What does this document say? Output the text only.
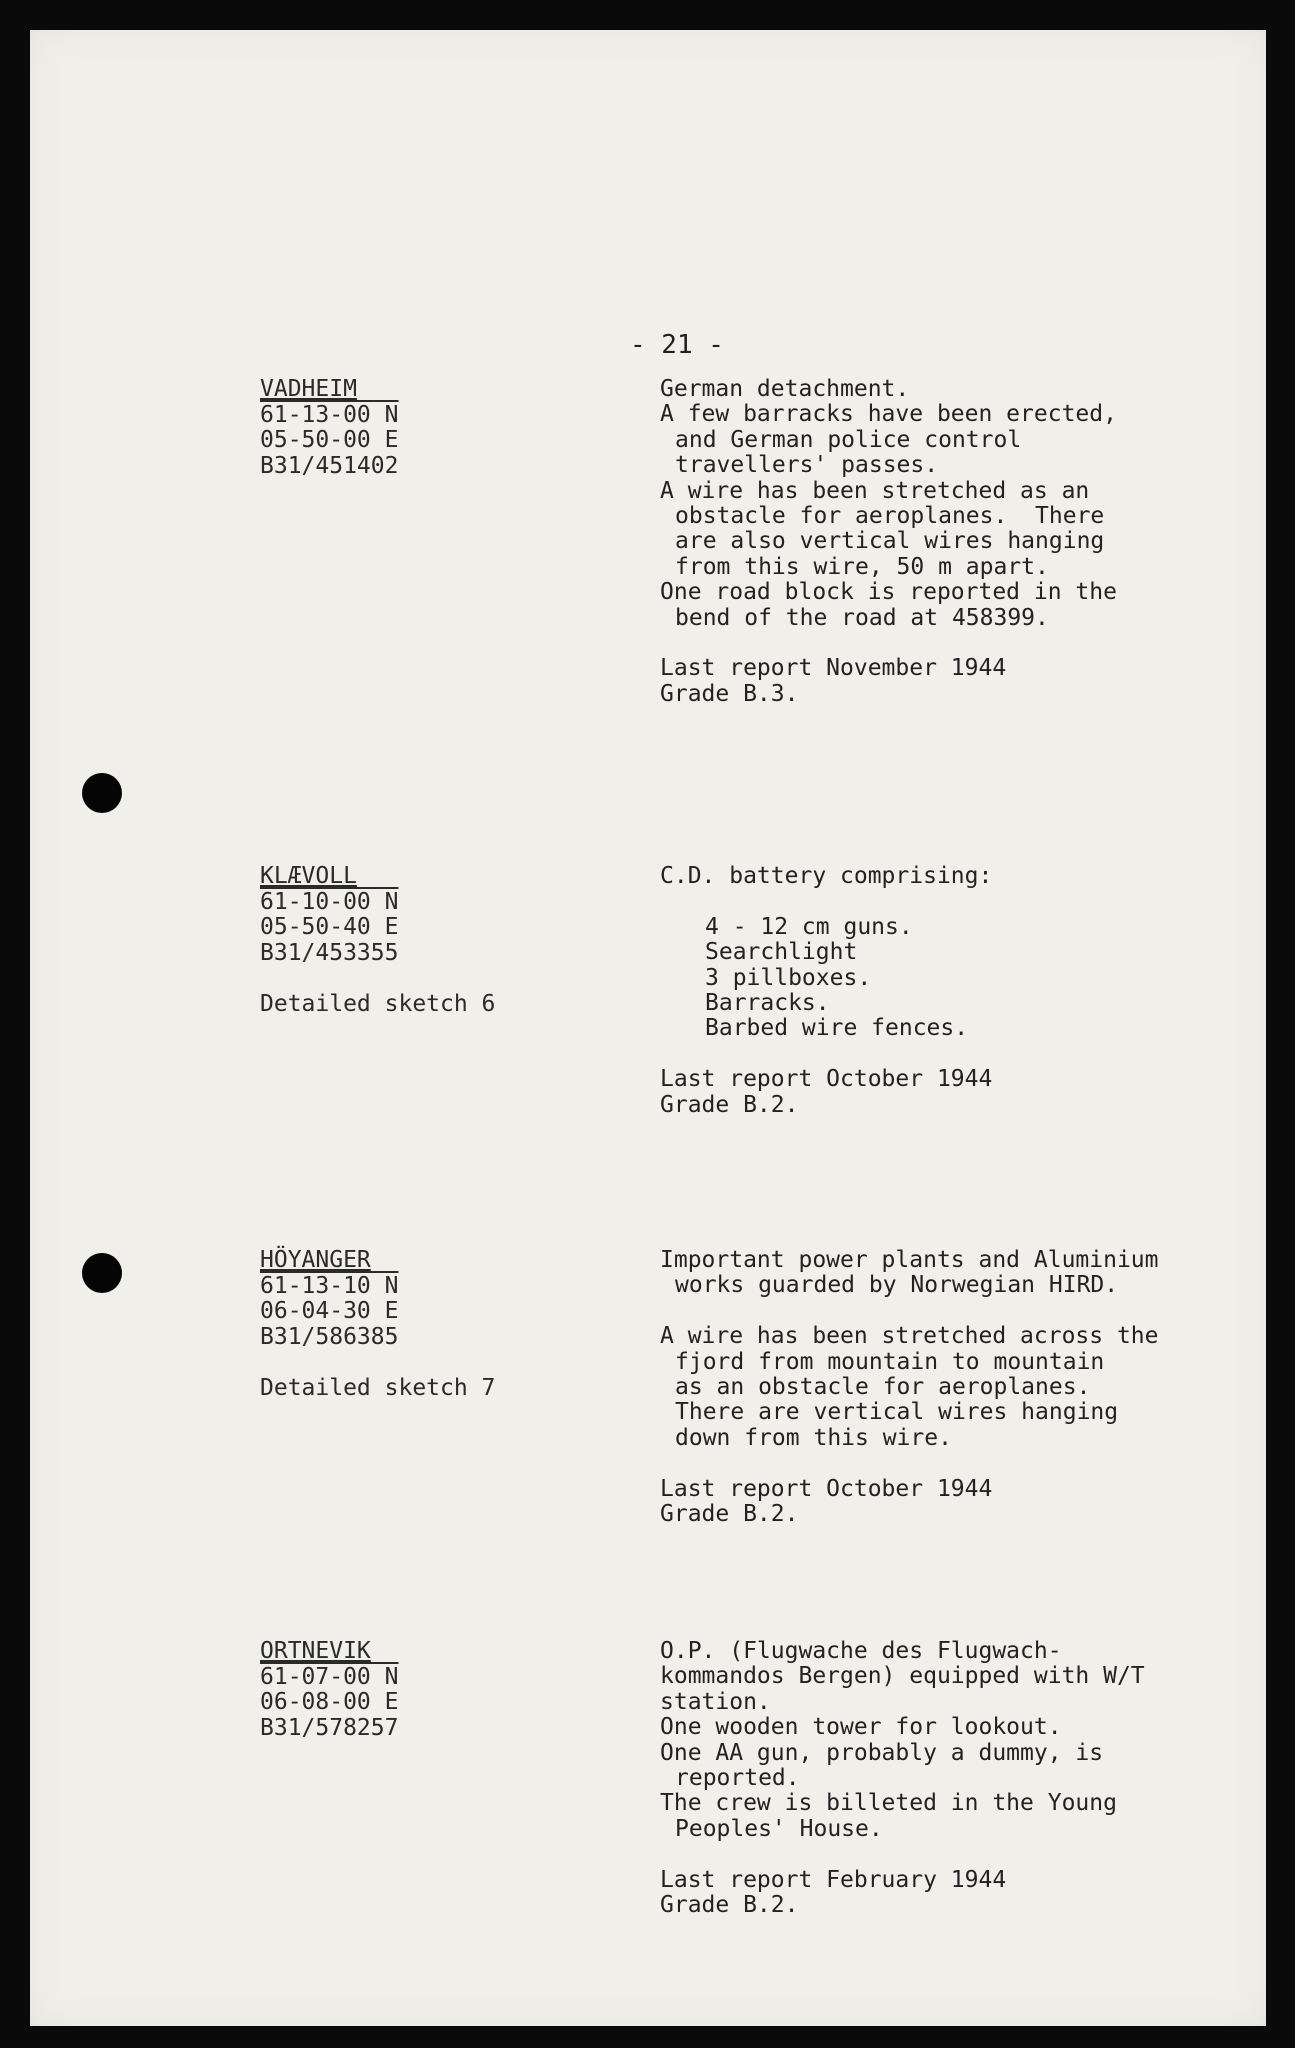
- 21 -
VADHEIM
61-13-00 N
05-50-00 E
B31/451402
German detachment.
A few barracks have been erected,
and German police control
travellers' passes.
A wire has been stretched as an
obstacle for aeroplanes.  There
are also vertical wires hanging
from this wire, 50 m apart.
One road block is reported in the
bend of the road at 458399.
Last report November 1944
Grade B.3.
KLÆVOLL
61-10-00 N
05-50-40 E
B31/453355
Detailed sketch 6
C.D. battery comprising:
4 - 12 cm guns.
Searchlight
3 pillboxes.
Barracks.
Barbed wire fences.
Last report October 1944
Grade B.2.
HÖYANGER
61-13-10 N
06-04-30 E
B31/586385
Detailed sketch 7
Important power plants and Aluminium
works guarded by Norwegian HIRD.
A wire has been stretched across the
fjord from mountain to mountain
as an obstacle for aeroplanes.
There are vertical wires hanging
down from this wire.
Last report October 1944
Grade B.2.
ORTNEVIK
61-07-00 N
06-08-00 E
B31/578257
O.P. (Flugwache des Flugwach-
kommandos Bergen) equipped with W/T
station.
One wooden tower for lookout.
One AA gun, probably a dummy, is
reported.
The crew is billeted in the Young
Peoples' House.
Last report February 1944
Grade B.2.
